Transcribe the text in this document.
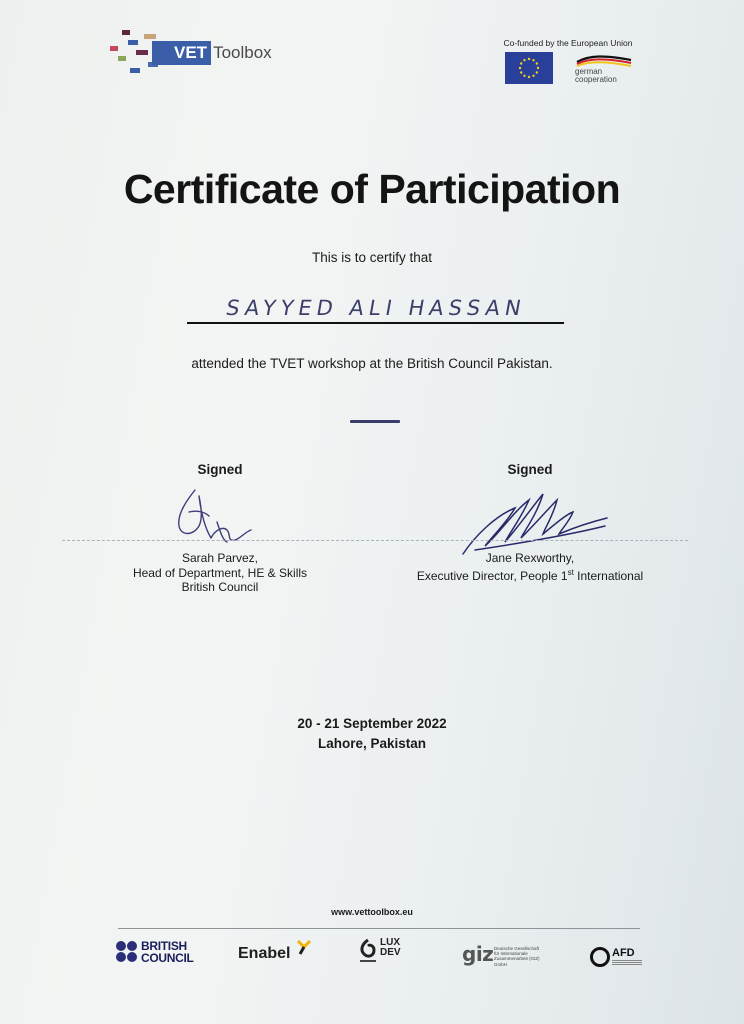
VET Toolbox	Co-funded by the European Union
german
cooperation
Certificate of Participation
This is to certify that
SAYYED ALI HASSAN
attended the TVET workshop at the British Council Pakistan.
Signed	Signed
Sarah Parvez,
Head of Department, HE & Skills
British Council
Jane Rexworthy,
Executive Director, People 1st International
20 - 21 September 2022
Lahore, Pakistan
www.vettoolbox.eu
BRITISH
COUNCIL	Enabel
LUX
DEV	giz Deutsche Gesellschaft
für Internationale
Zusammenarbeit (GIZ) GmbH
AFD
